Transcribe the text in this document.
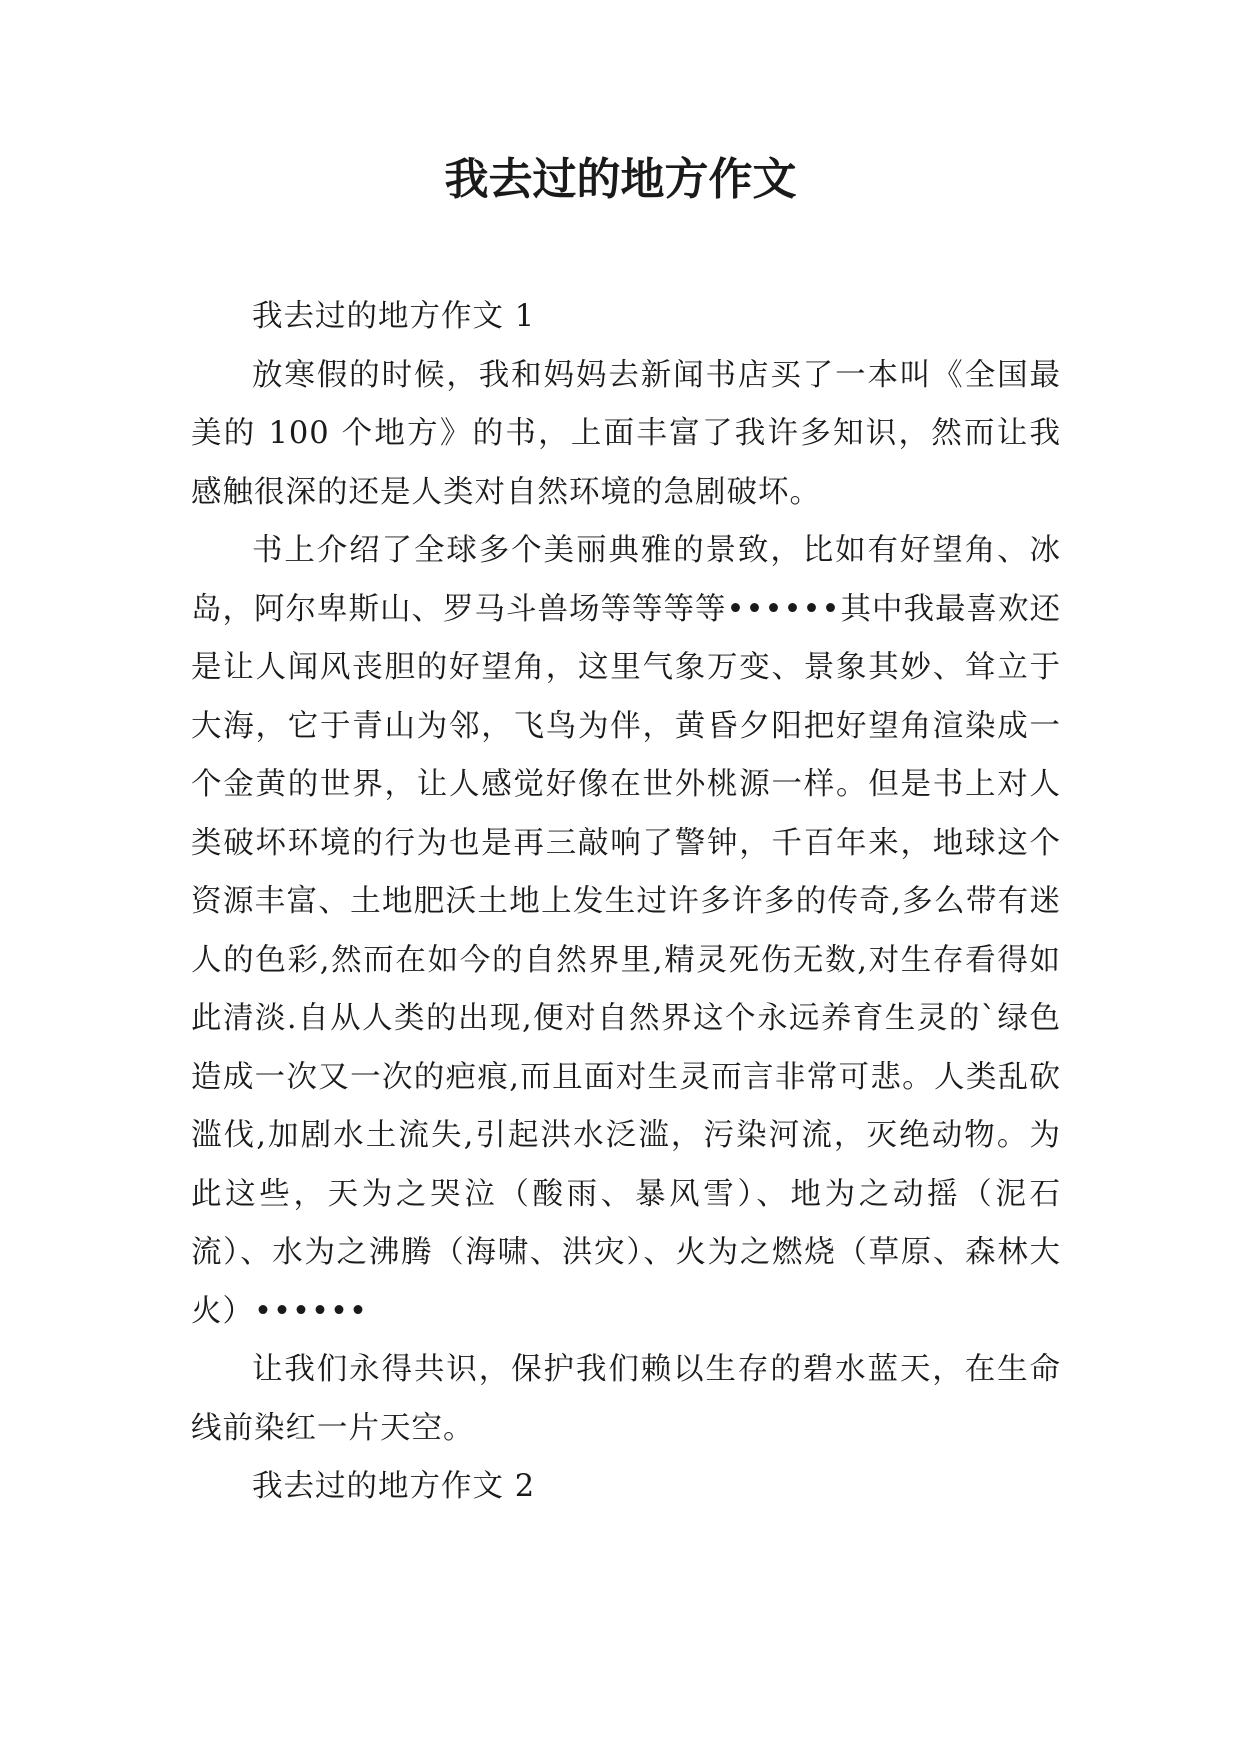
我去过的地方作文

我去过的地方作文 1

放寒假的时候，我和妈妈去新闻书店买了一本叫《全国最美的 100 个地方》的书，上面丰富了我许多知识，然而让我感触很深的还是人类对自然环境的急剧破坏。

书上介绍了全球多个美丽典雅的景致，比如有好望角、冰岛，阿尔卑斯山、罗马斗兽场等等等等••••••其中我最喜欢还是让人闻风丧胆的好望角，这里气象万变、景象其妙、耸立于大海，它于青山为邻，飞鸟为伴，黄昏夕阳把好望角渲染成一个金黄的世界，让人感觉好像在世外桃源一样。但是书上对人类破坏环境的行为也是再三敲响了警钟，千百年来，地球这个资源丰富、土地肥沃土地上发生过许多许多的传奇,多么带有迷人的色彩,然而在如今的自然界里,精灵死伤无数,对生存看得如此清淡.自从人类的出现,便对自然界这个永远养育生灵的`绿色造成一次又一次的疤痕,而且面对生灵而言非常可悲。人类乱砍滥伐,加剧水土流失,引起洪水泛滥，污染河流，灭绝动物。为此这些，天为之哭泣（酸雨、暴风雪）、地为之动摇（泥石流）、水为之沸腾（海啸、洪灾）、火为之燃烧（草原、森林大火）••••••

让我们永得共识，保护我们赖以生存的碧水蓝天，在生命线前染红一片天空。

我去过的地方作文 2
